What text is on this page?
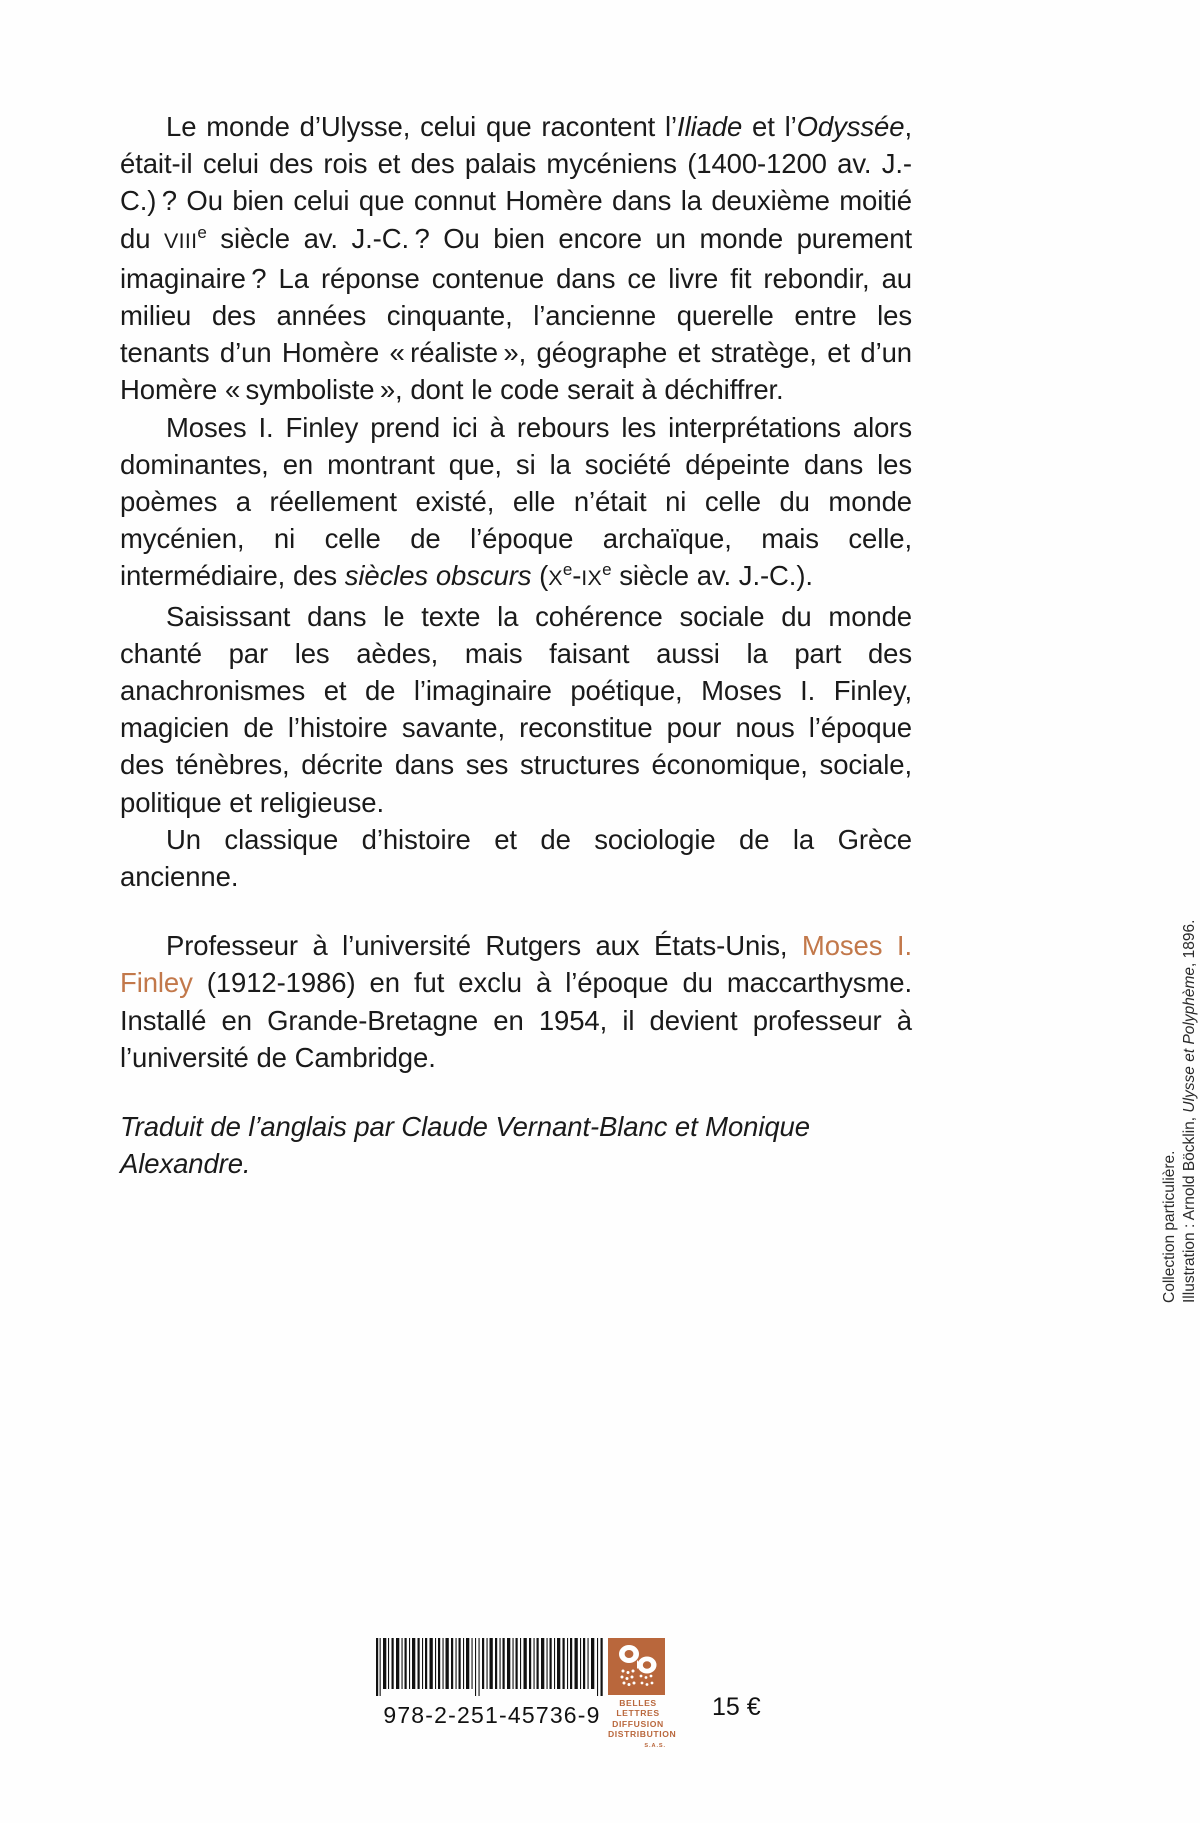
Le monde d’Ulysse, celui que racontent l’Iliade et l’Odyssée, était-il celui des rois et des palais mycéniens (1400-1200 av. J.-C.) ? Ou bien celui que connut Homère dans la deuxième moitié du VIIIe siècle av. J.-C. ? Ou bien encore un monde purement imaginaire ? La réponse contenue dans ce livre fit rebondir, au milieu des années cinquante, l’ancienne querelle entre les tenants d’un Homère « réaliste », géographe et stratège, et d’un Homère « symboliste », dont le code serait à déchiffrer.

Moses I. Finley prend ici à rebours les interprétations alors dominantes, en montrant que, si la société dépeinte dans les poèmes a réellement existé, elle n’était ni celle du monde mycénien, ni celle de l’époque archaïque, mais celle, intermédiaire, des siècles obscurs (Xe-IXe siècle av. J.-C.).

Saisissant dans le texte la cohérence sociale du monde chanté par les aèdes, mais faisant aussi la part des anachronismes et de l’imaginaire poétique, Moses I. Finley, magicien de l’histoire savante, reconstitue pour nous l’époque des ténèbres, décrite dans ses structures économique, sociale, politique et religieuse.

Un classique d’histoire et de sociologie de la Grèce ancienne.

Professeur à l’université Rutgers aux États-Unis, Moses I. Finley (1912-1986) en fut exclu à l’époque du maccarthysme. Installé en Grande-Bretagne en 1954, il devient professeur à l’université de Cambridge.

Traduit de l’anglais par Claude Vernant-Blanc et Monique Alexandre.	Illustration : Arnold Böcklin, Ulysse et Polyphème, 1896.
Collection particulière.
978-2-251-45736-9	BELLES LETTRES
DIFFUSION
DISTRIBUTION
S.A.S.
15 €
